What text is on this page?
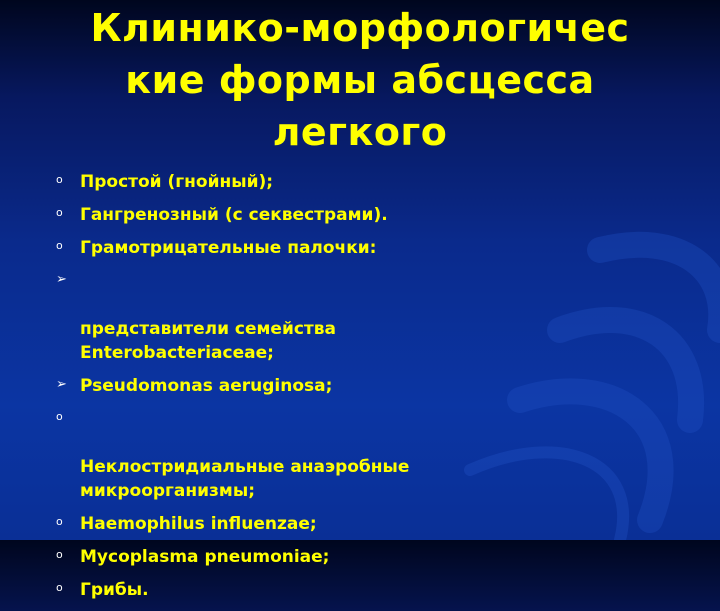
Клинико-морфологичес
кие формы абсцесса
легкого
o Простой (гнойный);
o Гангренозный (с секвестрами).
o Грамотрицательные палочки:

➢

представители семейства
Enterobacteriaceae;

➢ Pseudomonas aeruginosa;

o

Неклостридиальные анаэробные
микроорганизмы;

o Haemophilus influenzae;
o Mycoplasma pneumoniae;
o Грибы.
